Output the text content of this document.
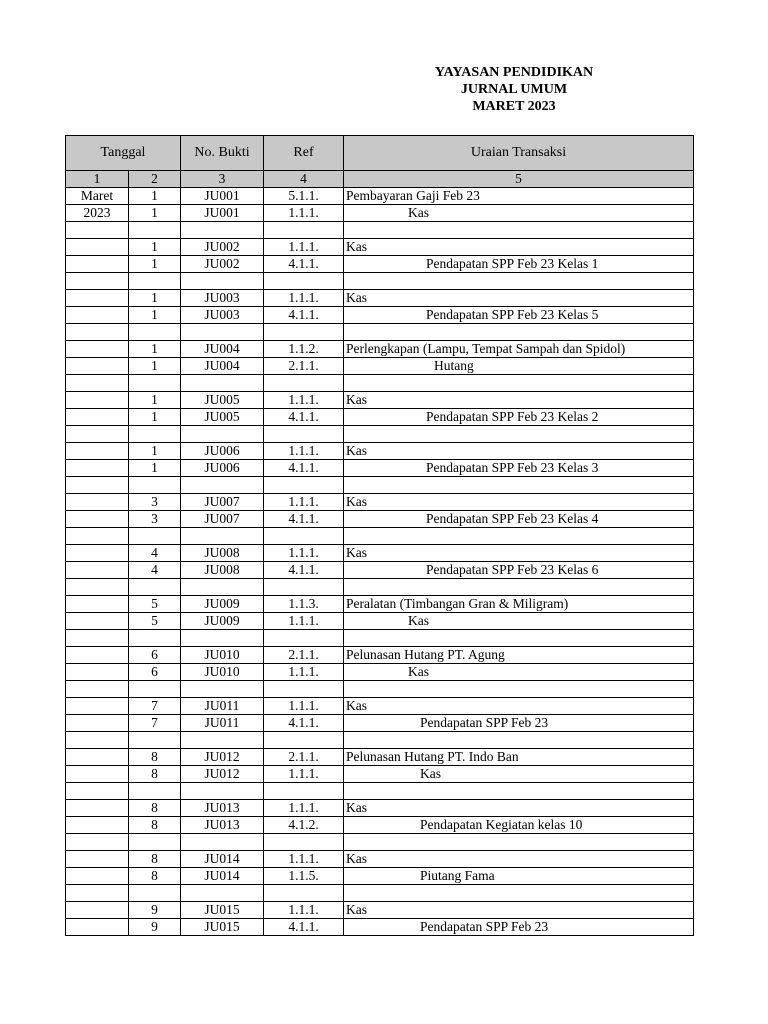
YAYASAN PENDIDIKAN
JURNAL UMUM
MARET 2023
Tanggal		No. Bukti	Ref	Uraian Transaksi
1	2	3	4	5
Maret	1	JU001	5.1.1.	Pembayaran Gaji Feb 23
2023	1	JU001	1.1.1.	Kas

	1	JU002	1.1.1.	Kas
	1	JU002	4.1.1.	Pendapatan SPP Feb 23 Kelas 1

	1	JU003	1.1.1.	Kas
	1	JU003	4.1.1.	Pendapatan SPP Feb 23 Kelas 5

	1	JU004	1.1.2.	Perlengkapan (Lampu, Tempat Sampah dan Spidol)
	1	JU004	2.1.1.	Hutang

	1	JU005	1.1.1.	Kas
	1	JU005	4.1.1.	Pendapatan SPP Feb 23 Kelas 2

	1	JU006	1.1.1.	Kas
	1	JU006	4.1.1.	Pendapatan SPP Feb 23 Kelas 3

	3	JU007	1.1.1.	Kas
	3	JU007	4.1.1.	Pendapatan SPP Feb 23 Kelas 4

	4	JU008	1.1.1.	Kas
	4	JU008	4.1.1.	Pendapatan SPP Feb 23 Kelas 6

	5	JU009	1.1.3.	Peralatan (Timbangan Gran & Miligram)
	5	JU009	1.1.1.	Kas

	6	JU010	2.1.1.	Pelunasan Hutang PT. Agung
	6	JU010	1.1.1.	Kas

	7	JU011	1.1.1.	Kas
	7	JU011	4.1.1.	Pendapatan SPP Feb 23

	8	JU012	2.1.1.	Pelunasan Hutang PT. Indo Ban
	8	JU012	1.1.1.	Kas

	8	JU013	1.1.1.	Kas
	8	JU013	4.1.2.	Pendapatan Kegiatan kelas 10

	8	JU014	1.1.1.	Kas
	8	JU014	1.1.5.	Piutang Fama

	9	JU015	1.1.1.	Kas
	9	JU015	4.1.1.	Pendapatan SPP Feb 23
